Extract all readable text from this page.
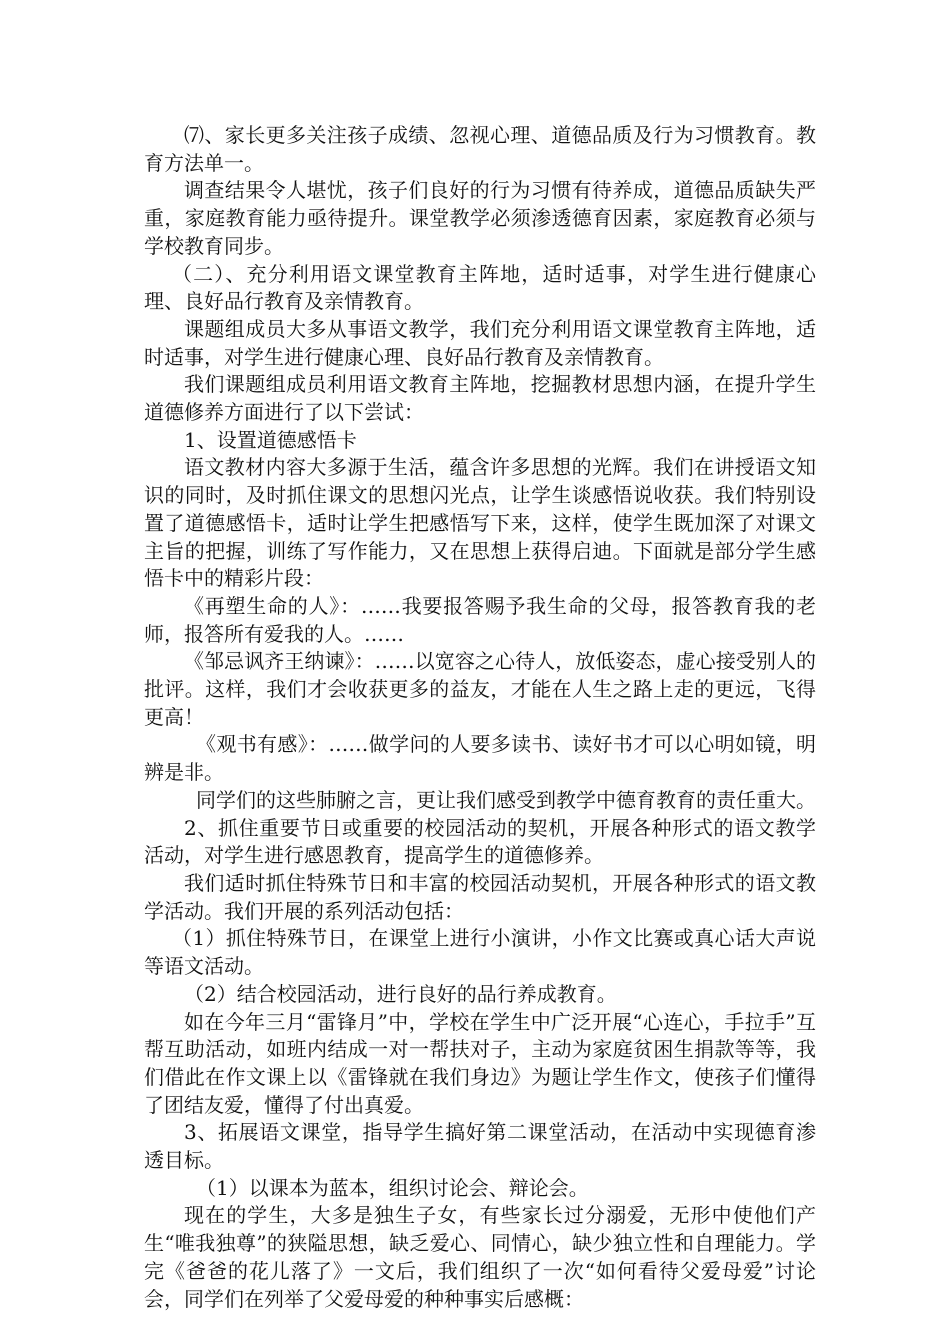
⑺、家长更多关注孩子成绩、忽视心理、道德品质及行为习惯教育。教育方法单一。

调查结果令人堪忧，孩子们良好的行为习惯有待养成，道德品质缺失严重，家庭教育能力亟待提升。课堂教学必须渗透德育因素，家庭教育必须与学校教育同步。

（二）、充分利用语文课堂教育主阵地，适时适事，对学生进行健康心理、良好品行教育及亲情教育。

课题组成员大多从事语文教学，我们充分利用语文课堂教育主阵地，适时适事，对学生进行健康心理、良好品行教育及亲情教育。

我们课题组成员利用语文教育主阵地，挖掘教材思想内涵，在提升学生道德修养方面进行了以下尝试：

1、设置道德感悟卡

语文教材内容大多源于生活，蕴含许多思想的光辉。我们在讲授语文知识的同时，及时抓住课文的思想闪光点，让学生谈感悟说收获。我们特别设置了道德感悟卡，适时让学生把感悟写下来，这样，使学生既加深了对课文主旨的把握，训练了写作能力，又在思想上获得启迪。下面就是部分学生感悟卡中的精彩片段：

《再塑生命的人》：……我要报答赐予我生命的父母，报答教育我的老师，报答所有爱我的人。……

《邹忌讽齐王纳谏》：……以宽容之心待人，放低姿态，虚心接受别人的批评。这样，我们才会收获更多的益友，才能在人生之路上走的更远，飞得更高！

《观书有感》：……做学问的人要多读书、读好书才可以心明如镜，明辨是非。

同学们的这些肺腑之言，更让我们感受到教学中德育教育的责任重大。

2、抓住重要节日或重要的校园活动的契机，开展各种形式的语文教学活动，对学生进行感恩教育，提高学生的道德修养。

我们适时抓住特殊节日和丰富的校园活动契机，开展各种形式的语文教学活动。我们开展的系列活动包括：

（1）抓住特殊节日，在课堂上进行小演讲，小作文比赛或真心话大声说等语文活动。

（2）结合校园活动，进行良好的品行养成教育。

如在今年三月“雷锋月”中，学校在学生中广泛开展“心连心，手拉手”互帮互助活动，如班内结成一对一帮扶对子，主动为家庭贫困生捐款等等，我们借此在作文课上以《雷锋就在我们身边》为题让学生作文，使孩子们懂得了团结友爱，懂得了付出真爱。

3、拓展语文课堂，指导学生搞好第二课堂活动，在活动中实现德育渗透目标。

（1）以课本为蓝本，组织讨论会、辩论会。

现在的学生，大多是独生子女，有些家长过分溺爱，无形中使他们产生“唯我独尊”的狭隘思想，缺乏爱心、同情心，缺少独立性和自理能力。学完《爸爸的花儿落了》一文后，我们组织了一次“如何看待父爱母爱”讨论会，同学们在列举了父爱母爱的种种事实后感概：
